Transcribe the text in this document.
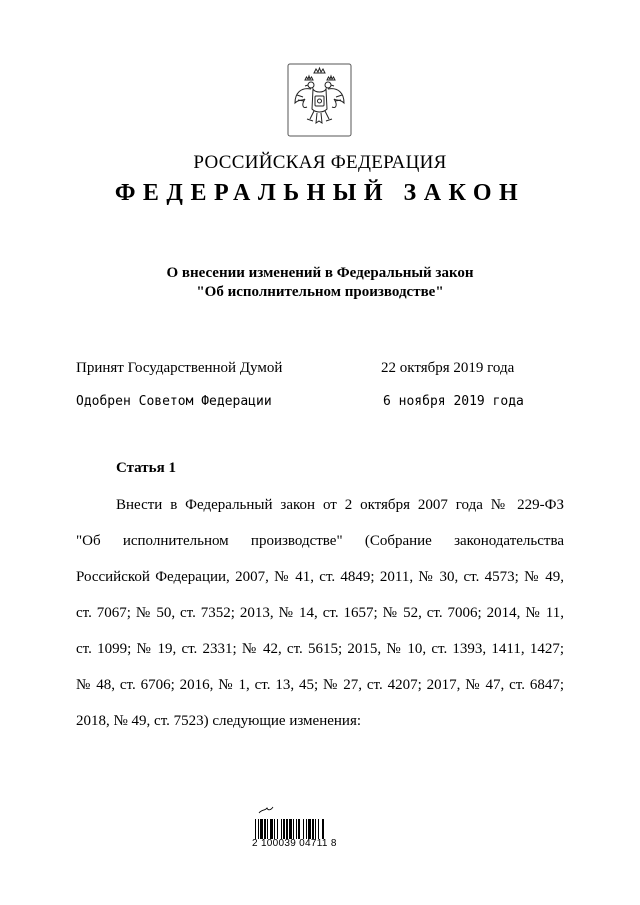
РОССИЙСКАЯ ФЕДЕРАЦИЯ
ФЕДЕРАЛЬНЫЙ ЗАКОН
О внесении изменений в Федеральный закон
"Об исполнительном производстве"
Принят Государственной Думой	22 октября 2019 года
Одобрен Советом Федерации	6 ноября 2019 года
Статья 1
Внести в Федеральный закон от 2 октября 2007 года № 229-ФЗ
"Об исполнительном производстве" (Собрание законодательства
Российской Федерации, 2007, № 41, ст. 4849; 2011, № 30, ст. 4573; № 49,
ст. 7067; № 50, ст. 7352; 2013, № 14, ст. 1657; № 52, ст. 7006; 2014, № 11,
ст. 1099; № 19, ст. 2331; № 42, ст. 5615; 2015, № 10, ст. 1393, 1411, 1427;
№ 48, ст. 6706; 2016, № 1, ст. 13, 45; № 27, ст. 4207; 2017, № 47, ст. 6847;
2018, № 49, ст. 7523) следующие изменения:
2 100039 04711 8
